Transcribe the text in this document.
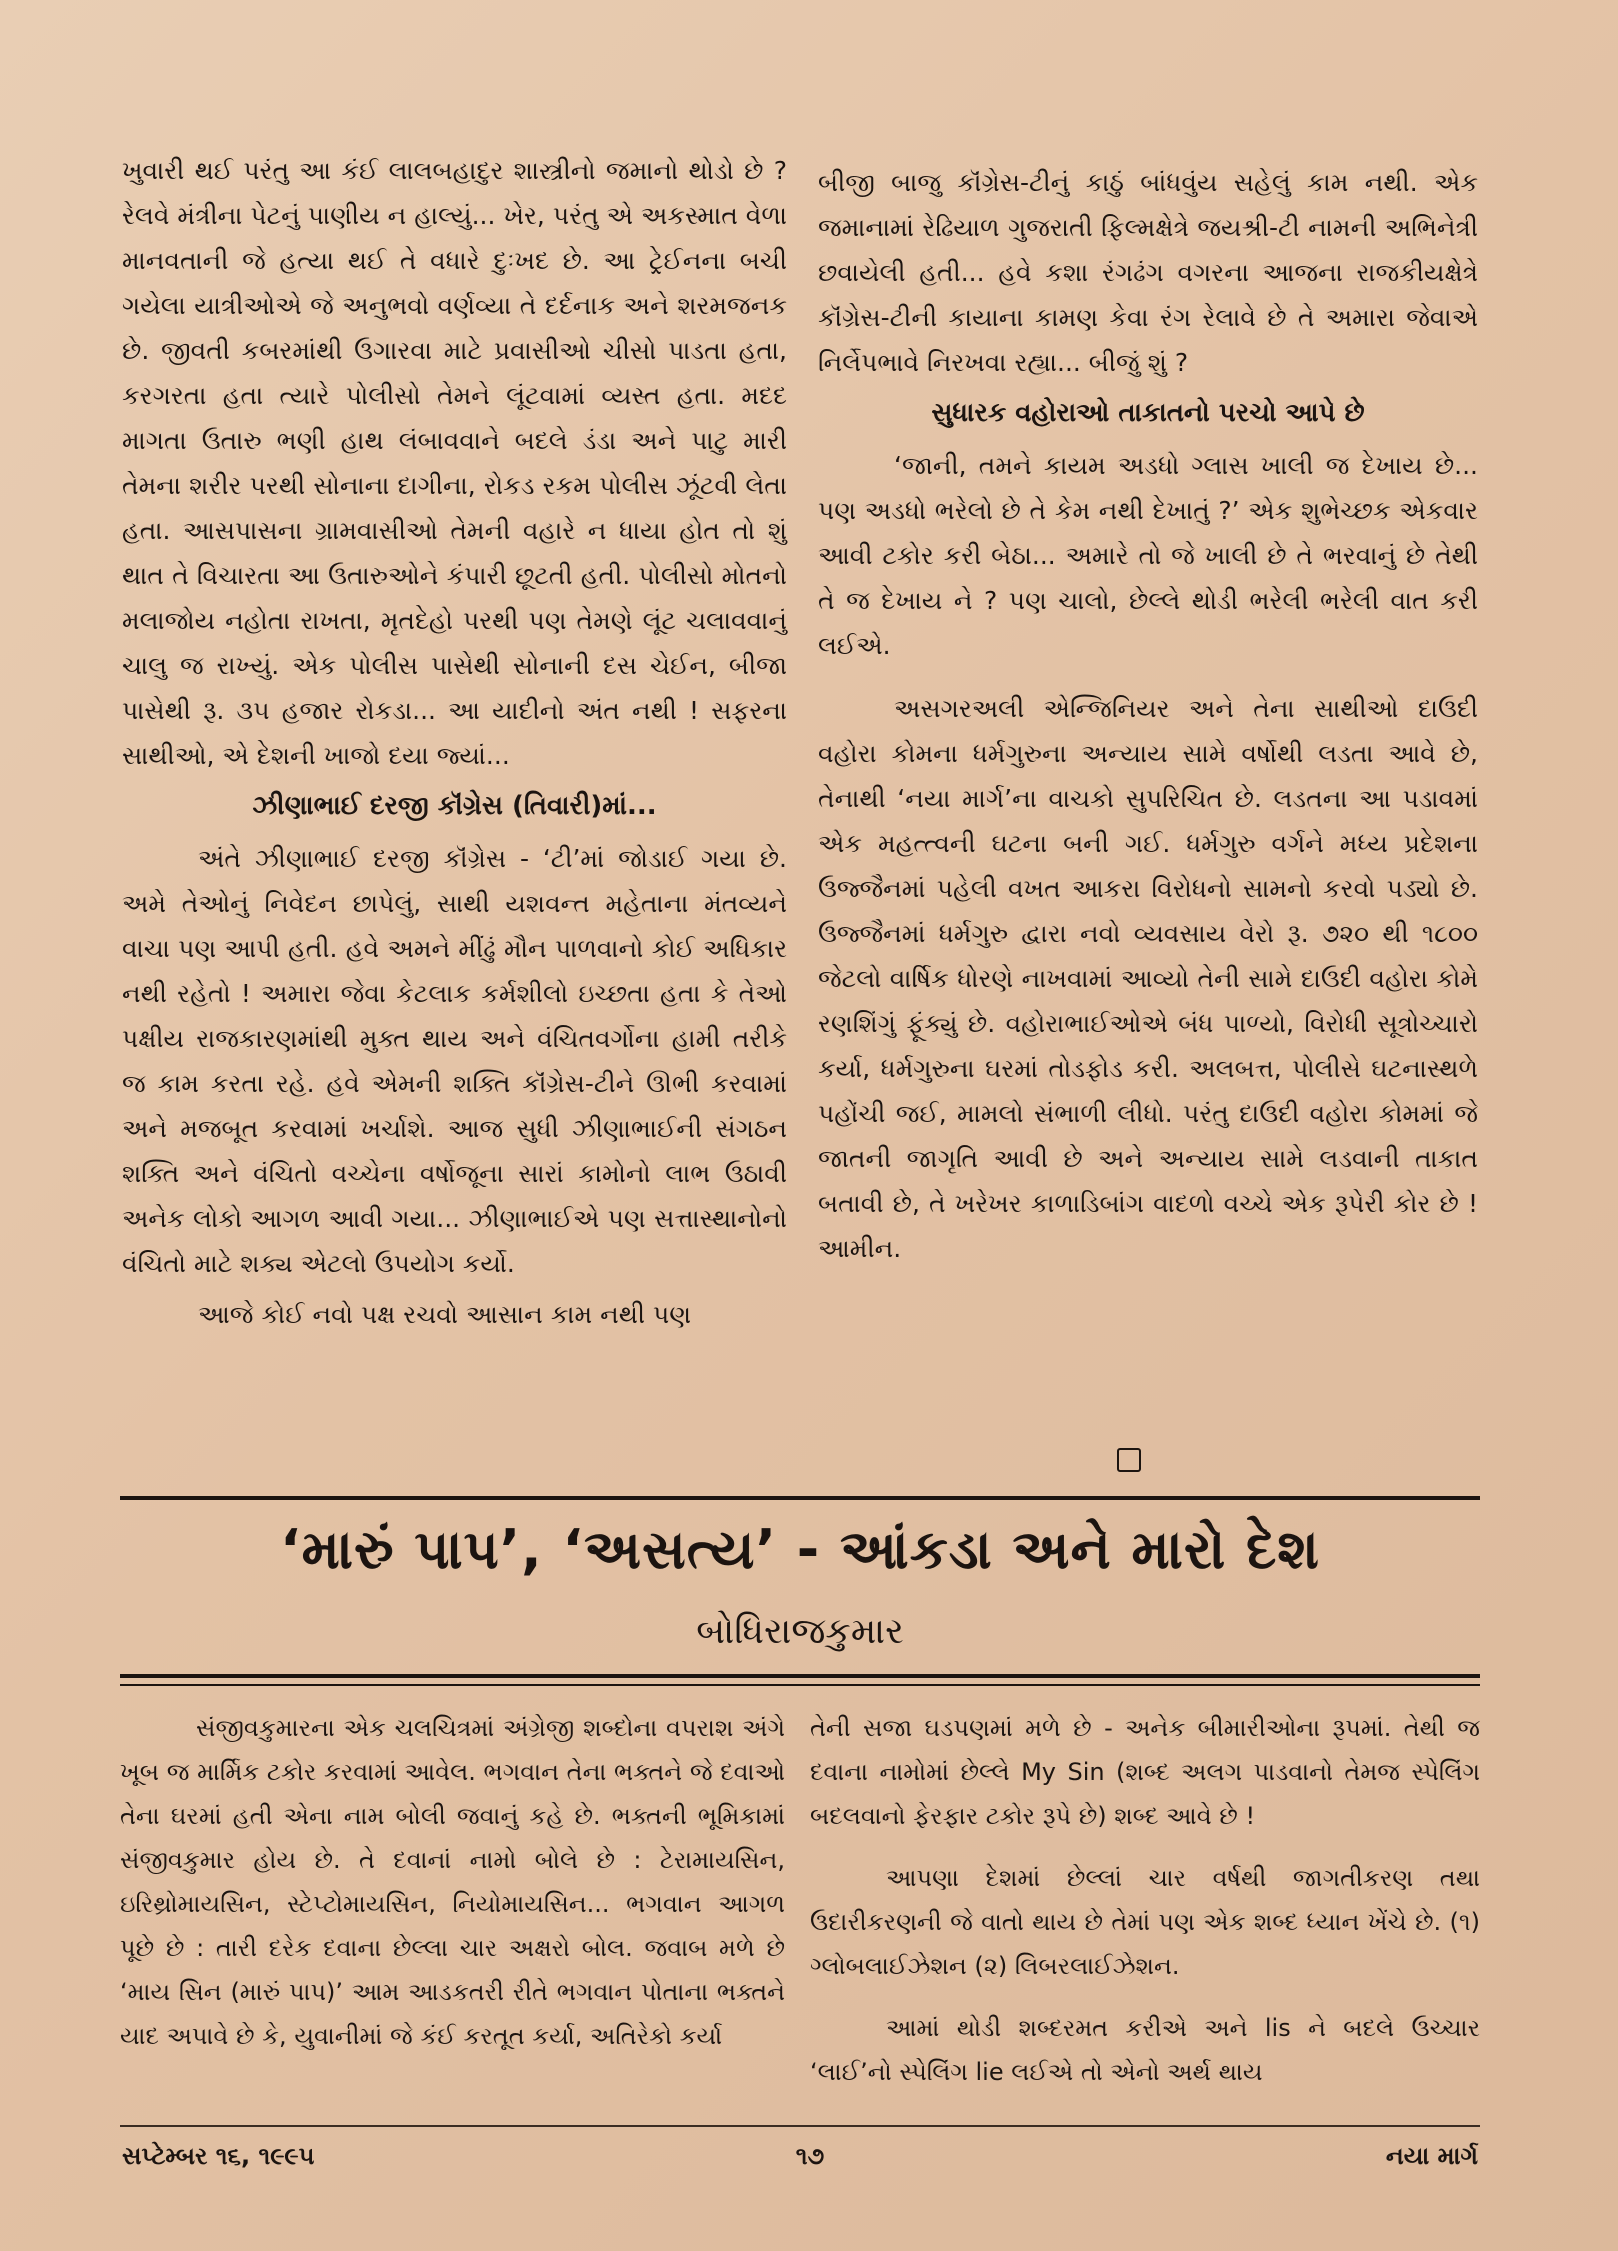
ખુવારી થઈ પરંતુ આ કંઈ લાલબહાદુર શાસ્ત્રીનો જમાનો થોડો છે ? રેલવે મંત્રીના પેટનું પાણીય ન હાલ્યું... ખેર, પરંતુ એ અકસ્માત વેળા માનવતાની જે હત્યા થઈ તે વધારે દુઃખદ છે. આ ટ્રેઈનના બચી ગયેલા યાત્રીઓએ જે અનુભવો વર્ણવ્યા તે દર્દનાક અને શરમજનક છે. જીવતી કબરમાંથી ઉગારવા માટે પ્રવાસીઓ ચીસો પાડતા હતા, કરગરતા હતા ત્યારે પોલીસો તેમને લૂંટવામાં વ્યસ્ત હતા. મદદ માગતા ઉતારુ ભણી હાથ લંબાવવાને બદલે ડંડા અને પાટુ મારી તેમના શરીર પરથી સોનાના દાગીના, રોકડ રકમ પોલીસ ઝૂંટવી લેતા હતા. આસપાસના ગ્રામવાસીઓ તેમની વહારે ન ધાયા હોત તો શું થાત તે વિચારતા આ ઉતારુઓને કંપારી છૂટતી હતી. પોલીસો મોતનો મલાજોય નહોતા રાખતા, મૃતદેહો પરથી પણ તેમણે લૂંટ ચલાવવાનું ચાલુ જ રાખ્યું. એક પોલીસ પાસેથી સોનાની દસ ચેઈન, બીજા પાસેથી રૂ. ૩૫ હજાર રોકડા... આ યાદીનો અંત નથી ! સફરના સાથીઓ, એ દેશની ખાજો દયા જ્યાં...

ઝીણાભાઈ દરજી કૉંગ્રેસ (તિવારી)માં...

અંતે ઝીણાભાઈ દરજી કૉંગ્રેસ - ‘ટી’માં જોડાઈ ગયા છે. અમે તેઓનું નિવેદન છાપેલું, સાથી યશવન્ત મહેતાના મંતવ્યને વાચા પણ આપી હતી. હવે અમને મીંઢું મૌન પાળવાનો કોઈ અધિકાર નથી રહેતો ! અમારા જેવા કેટલાક કર્મશીલો ઇચ્છતા હતા કે તેઓ પક્ષીય રાજકારણમાંથી મુક્ત થાય અને વંચિતવર્ગોના હામી તરીકે જ કામ કરતા રહે. હવે એમની શક્તિ કૉંગ્રેસ-ટીને ઊભી કરવામાં અને મજબૂત કરવામાં ખર્ચાશે. આજ સુધી ઝીણાભાઈની સંગઠન શક્તિ અને વંચિતો વચ્ચેના વર્ષોજૂના સારાં કામોનો લાભ ઉઠાવી અનેક લોકો આગળ આવી ગયા... ઝીણાભાઈએ પણ સત્તાસ્થાનોનો વંચિતો માટે શક્ય એટલો ઉપયોગ કર્યો.

આજે કોઈ નવો પક્ષ રચવો આસાન કામ નથી પણ

બીજી બાજુ કૉંગ્રેસ-ટીનું કાઠું બાંધવુંય સહેલું કામ નથી. એક જમાનામાં રેઢિયાળ ગુજરાતી ફિલ્મક્ષેત્રે જયશ્રી-ટી નામની અભિનેત્રી છવાયેલી હતી... હવે કશા રંગઢંગ વગરના આજના રાજકીયક્ષેત્રે કૉંગ્રેસ-ટીની કાયાના કામણ કેવા રંગ રેલાવે છે તે અમારા જેવાએ નિર્લેપભાવે નિરખવા રહ્યા... બીજું શું ?

સુધારક વહોરાઓ તાકાતનો પરચો આપે છે

‘જાની, તમને કાયમ અડધો ગ્લાસ ખાલી જ દેખાય છે... પણ અડધો ભરેલો છે તે કેમ નથી દેખાતું ?’ એક શુભેચ્છક એકવાર આવી ટકોર કરી બેઠા... અમારે તો જે ખાલી છે તે ભરવાનું છે તેથી તે જ દેખાય ને ? પણ ચાલો, છેલ્લે થોડી ભરેલી ભરેલી વાત કરી લઈએ.

અસગરઅલી એન્જિનિયર અને તેના સાથીઓ દાઉદી વહોરા કોમના ધર્મગુરુના અન્યાય સામે વર્ષોથી લડતા આવે છે, તેનાથી ‘નયા માર્ગ’ના વાચકો સુપરિચિત છે. લડતના આ પડાવમાં એક મહત્ત્વની ઘટના બની ગઈ. ધર્મગુરુ વર્ગને મધ્ય પ્રદેશના ઉજ્જૈનમાં પહેલી વખત આકરા વિરોધનો સામનો કરવો પડ્યો છે. ઉજ્જૈનમાં ધર્મગુરુ દ્વારા નવો વ્યવસાય વેરો રૂ. ૭૨૦ થી ૧૮૦૦ જેટલો વાર્ષિક ધોરણે નાખવામાં આવ્યો તેની સામે દાઉદી વહોરા કોમે રણશિંગું ફૂંક્યું છે. વહોરાભાઈઓએ બંધ પાળ્યો, વિરોધી સૂત્રોચ્ચારો કર્યા, ધર્મગુરુના ઘરમાં તોડફોડ કરી. અલબત્ત, પોલીસે ઘટનાસ્થળે પહોંચી જઈ, મામલો સંભાળી લીધો. પરંતુ દાઉદી વહોરા કોમમાં જે જાતની જાગૃતિ આવી છે અને અન્યાય સામે લડવાની તાકાત બતાવી છે, તે ખરેખર કાળાડિબાંગ વાદળો વચ્ચે એક રૂપેરી કોર છે ! આમીન.

‘મારું પાપ’, ‘અસત્ય’ - આંકડા અને મારો દેશ
બોધિરાજકુમાર

સંજીવકુમારના એક ચલચિત્રમાં અંગ્રેજી શબ્દોના વપરાશ અંગે ખૂબ જ માર્મિક ટકોર કરવામાં આવેલ. ભગવાન તેના ભક્તને જે દવાઓ તેના ઘરમાં હતી એના નામ બોલી જવાનું કહે છે. ભક્તની ભૂમિકામાં સંજીવકુમાર હોય છે. તે દવાનાં નામો બોલે છે : ટેરામાયસિન, ઇરિથ્રોમાયસિન, સ્ટેપ્ટોમાયસિન, નિયોમાયસિન... ભગવાન આગળ પૂછે છે : તારી દરેક દવાના છેલ્લા ચાર અક્ષરો બોલ. જવાબ મળે છે ‘માય સિન (મારું પાપ)’ આમ આડકતરી રીતે ભગવાન પોતાના ભક્તને યાદ અપાવે છે કે, યુવાનીમાં જે કંઈ કરતૂત કર્યા, અતિરેકો કર્યા

તેની સજા ઘડપણમાં મળે છે - અનેક બીમારીઓના રૂપમાં. તેથી જ દવાના નામોમાં છેલ્લે My Sin (શબ્દ અલગ પાડવાનો તેમજ સ્પેલિંગ બદલવાનો ફેરફાર ટકોર રૂપે છે) શબ્દ આવે છે !

આપણા દેશમાં છેલ્લાં ચાર વર્ષથી જાગતીકરણ તથા ઉદારીકરણની જે વાતો થાય છે તેમાં પણ એક શબ્દ ધ્યાન ખેંચે છે. (૧) ગ્લોબલાઈઝેશન (૨) લિબરલાઈઝેશન.

આમાં થોડી શબ્દરમત કરીએ અને lis ને બદલે ઉચ્ચાર ‘લાઈ’નો સ્પેલિંગ lie લઈએ તો એનો અર્થ થાય

સપ્ટેમ્બર ૧૬, ૧૯૯૫	૧૭	નયા માર્ગ
